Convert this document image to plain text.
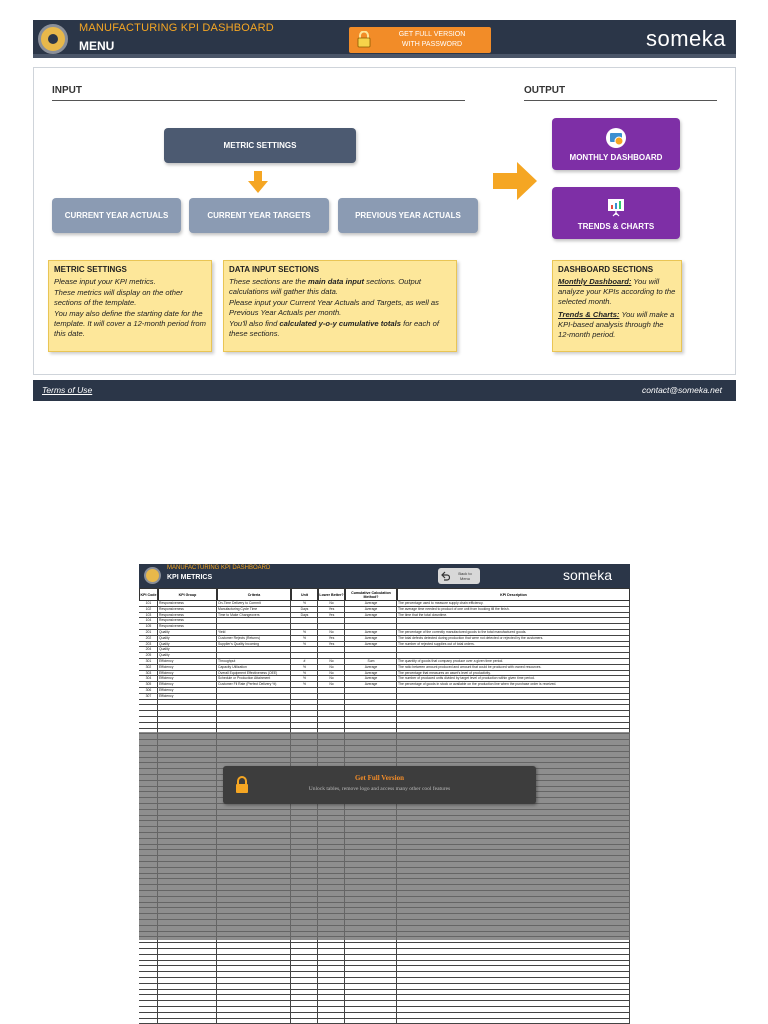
MANUFACTURING KPI DASHBOARD
MENU
GET FULL VERSION
WITH PASSWORD	someka
INPUT	OUTPUT
METRIC SETTINGS
CURRENT YEAR ACTUALS	CURRENT YEAR TARGETS	PREVIOUS YEAR ACTUALS
MONTHLY DASHBOARD
TRENDS & CHARTS
METRIC SETTINGS

Please input your KPI metrics.

These metrics will display on the other sections of the template.

You may also define the starting date for the template. It will cover a 12-month period from this date.

DATA INPUT SECTIONS

These sections are the main data input sections. Output calculations will gather this data.

Please input your Current Year Actuals and Targets, as well as Previous Year Actuals per month.

You'll also find calculated y-o-y cumulative totals for each of these sections.

DASHBOARD SECTIONS

Monthly Dashboard: You will analyze your KPIs according to the selected month.

Trends & Charts: You will make a KPI-based analysis through the 12-month period.

Terms of Use	contact@someka.net
MANUFACTURING KPI DASHBOARD
KPI METRICS
Back to
Menu	someka
KPI Code	KPI Group	Criteria	Unit	Lower Better?	Cumulative Calculation Method?	KPI Description
101	Responsiveness	On-Time Delivery to Commit	%	No	Average	The percentage used to measure supply chain efficiency.
102	Responsiveness	Manufacturing Cycle Time	Days	Yes	Average	The average time needed to product of one unit from booking till the finish.
103	Responsiveness	Time to Make Changeovers	Days	Yes	Average	The time that the total downtime.
104	Responsiveness
105	Responsiveness
201	Quality	Yield	%	No	Average	The percentage of the correctly manufactured goods to the total manufactured goods.
202	Quality	Customer Rejects (Returns)	%	Yes	Average	The total defects detected during production that were not detected or rejected by the customers.
203	Quality	Supplier's Quality Incoming	%	Yes	Average	The number of rejected supplies out of total orders.
204	Quality
205	Quality
301	Efficiency	Throughput	#	No	Sum	The quantity of goods that company produce over a given time period.
302	Efficiency	Capacity Utilization	%	No	Average	The ratio between amount produced and amount that could be produced with owned resources.
303	Efficiency	Overall Equipment Effectiveness (OEE)	%	No	Average	The percentage that measures an asset's level of productivity.
304	Efficiency	Schedule or Production Attainment	%	No	Average	The number of produced units divided by target level of production within given time period.
305	Efficiency	Customer Fil Rate (Perfect Delivery %)	%	No	Average	The percentage of goods in stock or available on the production line when the purchase order is received.
306	Efficiency
307	Efficiency
Get Full Version
Unlock tables, remove logo and access many other cool features
